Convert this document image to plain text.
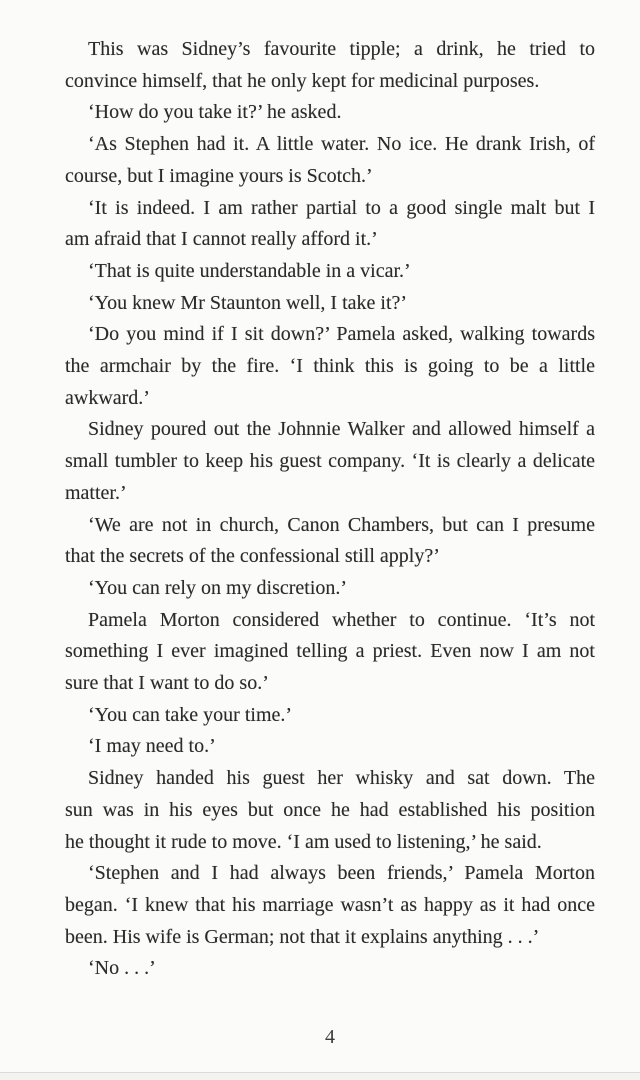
This was Sidney’s favourite tipple; a drink, he tried to
convince himself, that he only kept for medicinal purposes.
‘How do you take it?’ he asked.
‘As Stephen had it. A little water. No ice. He drank Irish, of
course, but I imagine yours is Scotch.’
‘It is indeed. I am rather partial to a good single malt but I
am afraid that I cannot really afford it.’
‘That is quite understandable in a vicar.’
‘You knew Mr Staunton well, I take it?’
‘Do you mind if I sit down?’ Pamela asked, walking towards
the armchair by the fire. ‘I think this is going to be a little
awkward.’
Sidney poured out the Johnnie Walker and allowed himself a
small tumbler to keep his guest company. ‘It is clearly a delicate
matter.’
‘We are not in church, Canon Chambers, but can I presume
that the secrets of the confessional still apply?’
‘You can rely on my discretion.’
Pamela Morton considered whether to continue. ‘It’s not
something I ever imagined telling a priest. Even now I am not
sure that I want to do so.’
‘You can take your time.’
‘I may need to.’
Sidney handed his guest her whisky and sat down. The
sun was in his eyes but once he had established his position
he thought it rude to move. ‘I am used to listening,’ he said.
‘Stephen and I had always been friends,’ Pamela Morton
began. ‘I knew that his marriage wasn’t as happy as it had once
been. His wife is German; not that it explains anything . . .’
‘No . . .’
4
